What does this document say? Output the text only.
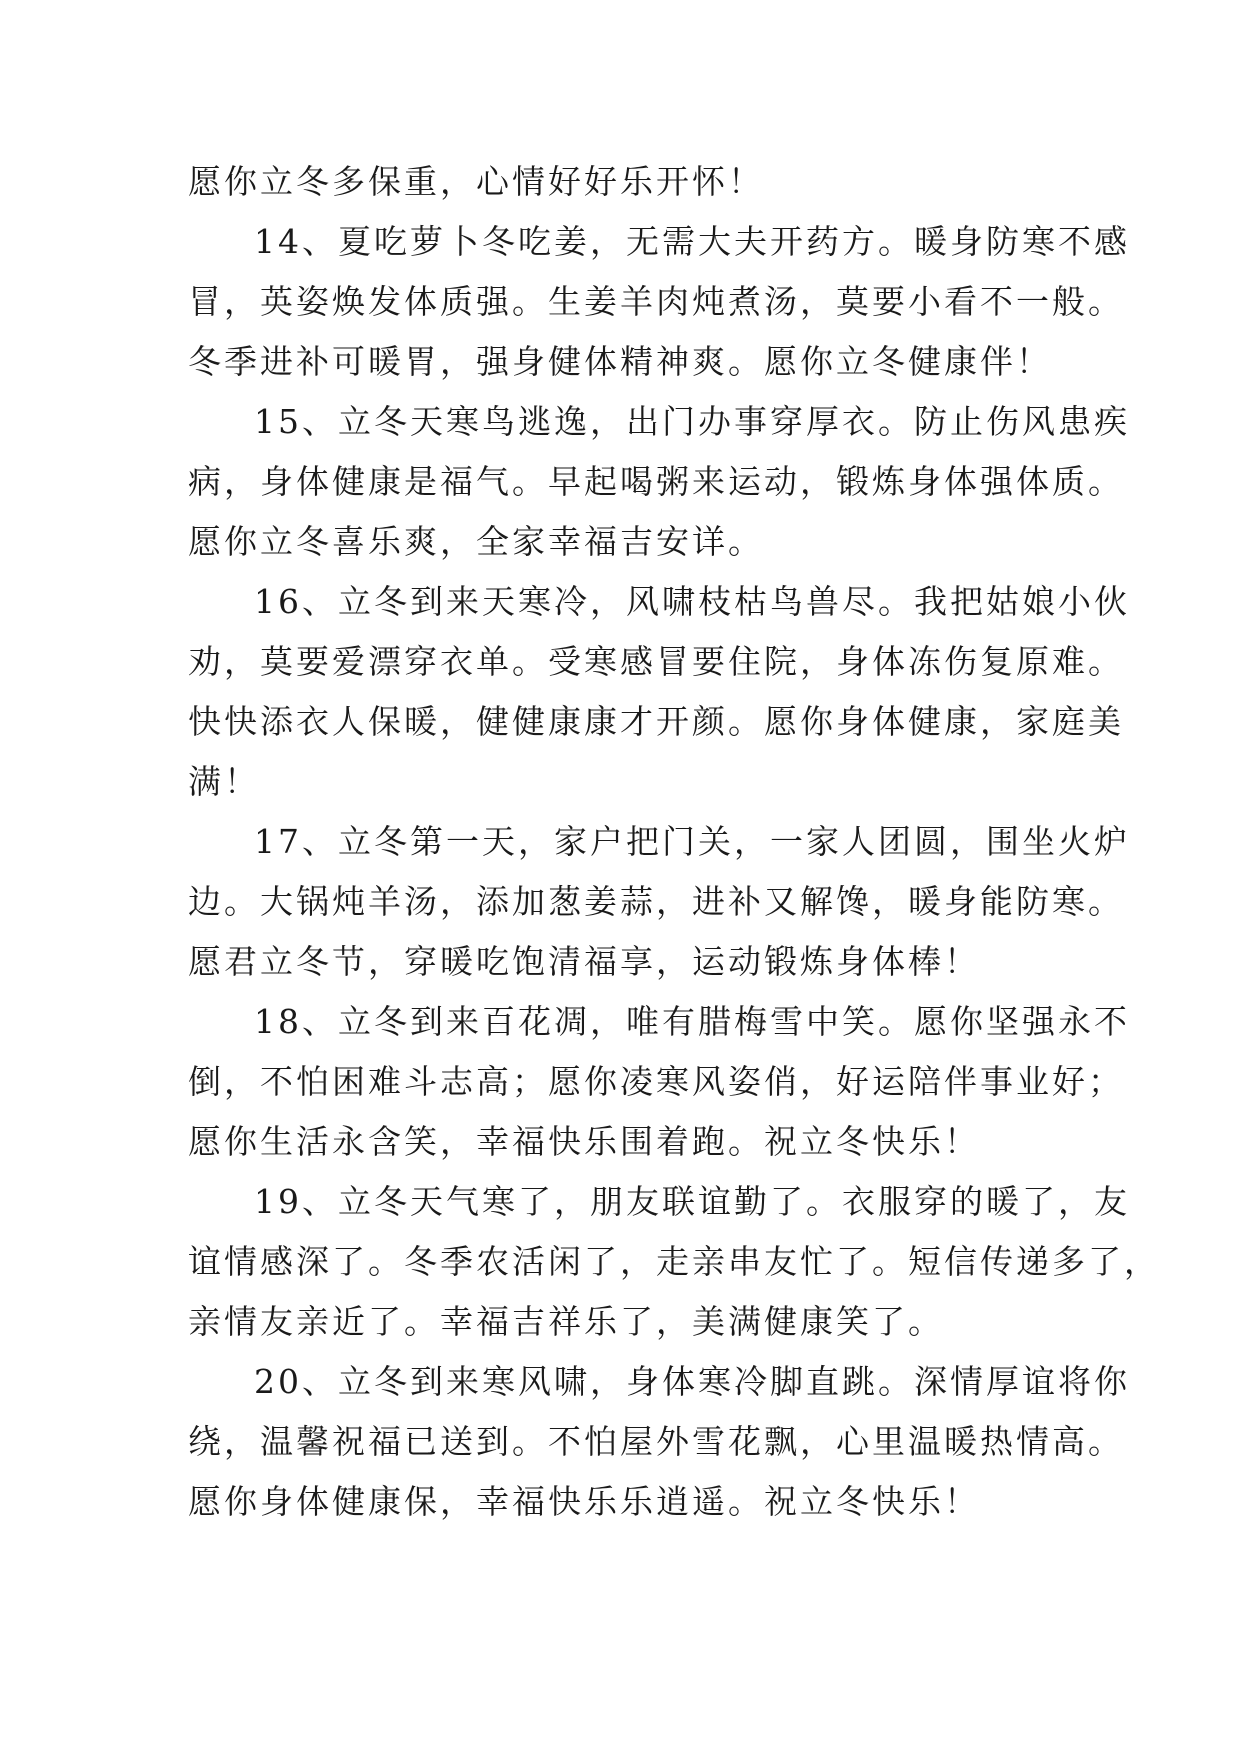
愿你立冬多保重，心情好好乐开怀！

14、夏吃萝卜冬吃姜，无需大夫开药方。暖身防寒不感
冒，英姿焕发体质强。生姜羊肉炖煮汤，莫要小看不一般。
冬季进补可暖胃，强身健体精神爽。愿你立冬健康伴！

15、立冬天寒鸟逃逸，出门办事穿厚衣。防止伤风患疾
病，身体健康是福气。早起喝粥来运动，锻炼身体强体质。
愿你立冬喜乐爽，全家幸福吉安详。

16、立冬到来天寒冷，风啸枝枯鸟兽尽。我把姑娘小伙
劝，莫要爱漂穿衣单。受寒感冒要住院，身体冻伤复原难。
快快添衣人保暖，健健康康才开颜。愿你身体健康，家庭美
满！

17、立冬第一天，家户把门关，一家人团圆，围坐火炉
边。大锅炖羊汤，添加葱姜蒜，进补又解馋，暖身能防寒。
愿君立冬节，穿暖吃饱清福享，运动锻炼身体棒！

18、立冬到来百花凋，唯有腊梅雪中笑。愿你坚强永不
倒，不怕困难斗志高；愿你凌寒风姿俏，好运陪伴事业好；
愿你生活永含笑，幸福快乐围着跑。祝立冬快乐！

19、立冬天气寒了，朋友联谊勤了。衣服穿的暖了，友
谊情感深了。冬季农活闲了，走亲串友忙了。短信传递多了，
亲情友亲近了。幸福吉祥乐了，美满健康笑了。

20、立冬到来寒风啸，身体寒冷脚直跳。深情厚谊将你
绕，温馨祝福已送到。不怕屋外雪花飘，心里温暖热情高。
愿你身体健康保，幸福快乐乐逍遥。祝立冬快乐！
